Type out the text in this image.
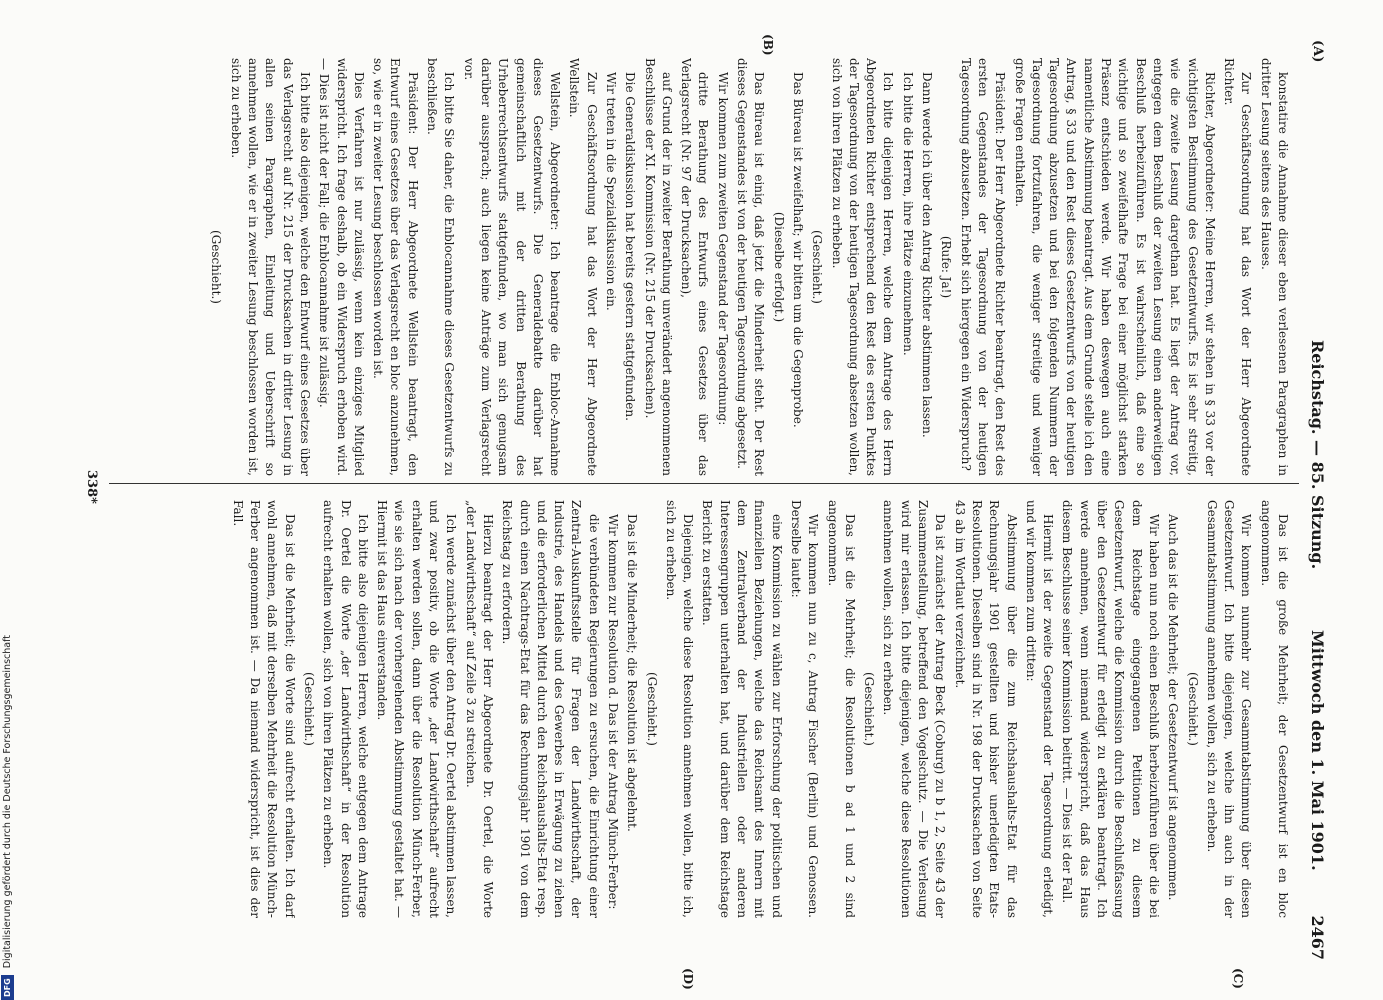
DFG Digitalisierung gefördert durch die Deutsche Forschungsgemeinschaft
(A)
Reichstag. — 85. Sitzung.
Mittwoch den 1. Mai 1901.
2467
(B)
(C)
(D)

konstatire die Annahme dieser eben verlesenen Paragraphen in dritter Lesung seitens des Hauses.

Zur Geschäftsordnung hat das Wort der Herr Abgeordnete Richter.

Richter, Abgeordneter: Meine Herren, wir stehen in § 33 vor der wichtigsten Bestimmung des Gesetzentwurfs. Es ist sehr streitig, wie die zweite Lesung dargethan hat. Es liegt der Antrag vor, entgegen dem Beschluß der zweiten Lesung einen anderweitigen Beschluß herbeizuführen. Es ist wahrscheinlich, daß eine so wichtige und so zweifelhafte Frage bei einer möglichst starken Präsenz entschieden werde. Wir haben deswegen auch eine namentliche Abstimmung beantragt. Aus dem Grunde stelle ich den Antrag, § 33 und den Rest dieses Gesetzentwurfs von der heutigen Tagesordnung abzusetzen und bei den folgenden Nummern der Tagesordnung fortzufahren, die weniger streitige und weniger große Fragen enthalten.

Präsident: Der Herr Abgeordnete Richter beantragt, den Rest des ersten Gegenstandes der Tagesordnung von der heutigen Tagesordnung abzusetzen. Erhebt sich hiergegen ein Widerspruch?

(Rufe: Ja!)

Dann werde ich über den Antrag Richter abstimmen lassen.

Ich bitte die Herren, ihre Plätze einzunehmen.

Ich bitte diejenigen Herren, welche dem Antrage des Herrn Abgeordneten Richter entsprechend den Rest des ersten Punktes der Tagesordnung von der heutigen Tagesordnung absetzen wollen, sich von ihren Plätzen zu erheben.

(Geschieht.)

Das Büreau ist zweifelhaft; wir bitten um die Gegenprobe.

(Dieselbe erfolgt.)

Das Büreau ist einig, daß jetzt die Minderheit steht. Der Rest dieses Gegenstandes ist von der heutigen Tagesordnung abgesetzt.

Wir kommen zum zweiten Gegenstand der Tagesordnung:

dritte Berathung des Entwurfs eines Gesetzes über das Verlagsrecht (Nr. 97 der Drucksachen),

auf Grund der in zweiter Berathung unverändert angenommenen Beschlüsse der XI. Kommission (Nr. 215 der Drucksachen).

Die Generaldiskussion hat bereits gestern stattgefunden.

Wir treten in die Spezialdiskussion ein.

Zur Geschäftsordnung hat das Wort der Herr Abgeordnete Wellstein.

Wellstein, Abgeordneter: Ich beantrage die Enbloc-Annahme dieses Gesetzentwurfs. Die Generaldebatte darüber hat gemeinschaftlich mit der dritten Berathung des Urheberrechtsentwurfs stattgefunden, wo man sich genugsam darüber aussprach; auch liegen keine Anträge zum Verlagsrecht vor.

Ich bitte Sie daher, die Enblocannahme dieses Gesetzentwurfs zu beschließen.

Präsident: Der Herr Abgeordnete Wellstein beantragt, den Entwurf eines Gesetzes über das Verlagsrecht en bloc anzunehmen, so, wie er in zweiter Lesung beschlossen worden ist.

Dies Verfahren ist nur zulässig, wenn kein einziges Mitglied widerspricht. Ich frage deshalb, ob ein Widerspruch erhoben wird. — Dies ist nicht der Fall; die Enblocannahme ist zulässig.

Ich bitte also diejenigen, welche den Entwurf eines Gesetzes über das Verlagsrecht auf Nr. 215 der Drucksachen in dritter Lesung in allen seinen Paragraphen, Einleitung und Ueberschrift so annehmen wollen, wie er in zweiter Lesung beschlossen worden ist, sich zu erheben.

(Geschieht.)

Das ist die große Mehrheit; der Gesetzentwurf ist en bloc angenommen.

Wir kommen nunmehr zur Gesammtabstimmung über diesen Gesetzentwurf. Ich bitte diejenigen, welche ihn auch in der Gesammtabstimmung annehmen wollen, sich zu erheben.

(Geschieht.)

Auch das ist die Mehrheit; der Gesetzentwurf ist angenommen.

Wir haben nun noch einen Beschluß herbeizuführen über die bei dem Reichstage eingegangenen Petitionen zu diesem Gesetzentwurf, welche die Kommission durch die Beschlußfassung über den Gesetzentwurf für erledigt zu erklären beantragt. Ich werde annehmen, wenn niemand widerspricht, daß das Haus diesem Beschlusse seiner Kommission beitritt. — Dies ist der Fall.

Hiermit ist der zweite Gegenstand der Tagesordnung erledigt, und wir kommen zum dritten:

Abstimmung über die zum Reichshaushalts-Etat für das Rechnungsjahr 1901 gestellten und bisher unerledigten Etats-Resolutionen. Dieselben sind in Nr. 198 der Drucksachen von Seite 43 ab im Wortlaut verzeichnet.

Da ist zunächst der Antrag Beck (Coburg) zu b 1, 2, Seite 43 der Zusammenstellung, betreffend den Vogelschutz. — Die Verlesung wird mir erlassen. Ich bitte diejenigen, welche diese Resolutionen annehmen wollen, sich zu erheben.

(Geschieht.)

Das ist die Mehrheit; die Resolutionen b ad 1 und 2 sind angenommen.

Wir kommen nun zu c, Antrag Fischer (Berlin) und Genossen. Derselbe lautet:

eine Kommission zu wählen zur Erforschung der politischen und finanziellen Beziehungen, welche das Reichsamt des Innern mit dem Zentralverband der Industriellen oder anderen Interessengruppen unterhalten hat, und darüber dem Reichstage Bericht zu erstatten.

Diejenigen, welche diese Resolution annehmen wollen, bitte ich, sich zu erheben.

(Geschieht.)

Das ist die Minderheit; die Resolution ist abgelehnt.

Wir kommen zur Resolution d. Das ist der Antrag Münch-Ferber:

die verbündeten Regierungen zu ersuchen, die Einrichtung einer Zentral-Auskunftsstelle für Fragen der Landwirthschaft, der Industrie, des Handels und des Gewerbes in Erwägung zu ziehen und die erforderlichen Mittel durch den Reichshaushalts-Etat resp. durch einen Nachtrags-Etat für das Rechnungsjahr 1901 von dem Reichstag zu erfordern.

Hierzu beantragt der Herr Abgeordnete Dr. Oertel, die Worte „der Landwirthschaft“ auf Zeile 3 zu streichen.

Ich werde zunächst über den Antrag Dr. Oertel abstimmen lassen, und zwar positiv, ob die Worte „der Landwirthschaft“ aufrecht erhalten werden sollen, dann über die Resolution Münch-Ferber, wie sie sich nach der vorhergehenden Abstimmung gestaltet hat. — Hiermit ist das Haus einverstanden.

Ich bitte also diejenigen Herren, welche entgegen dem Antrage Dr. Oertel die Worte „der Landwirthschaft“ in der Resolution aufrecht erhalten wollen, sich von ihren Plätzen zu erheben.

(Geschieht.)

Das ist die Mehrheit; die Worte sind aufrecht erhalten. Ich darf wohl annehmen, daß mit derselben Mehrheit die Resolution Münch-Ferber angenommen ist. — Da niemand widerspricht, ist dies der Fall.

338*
